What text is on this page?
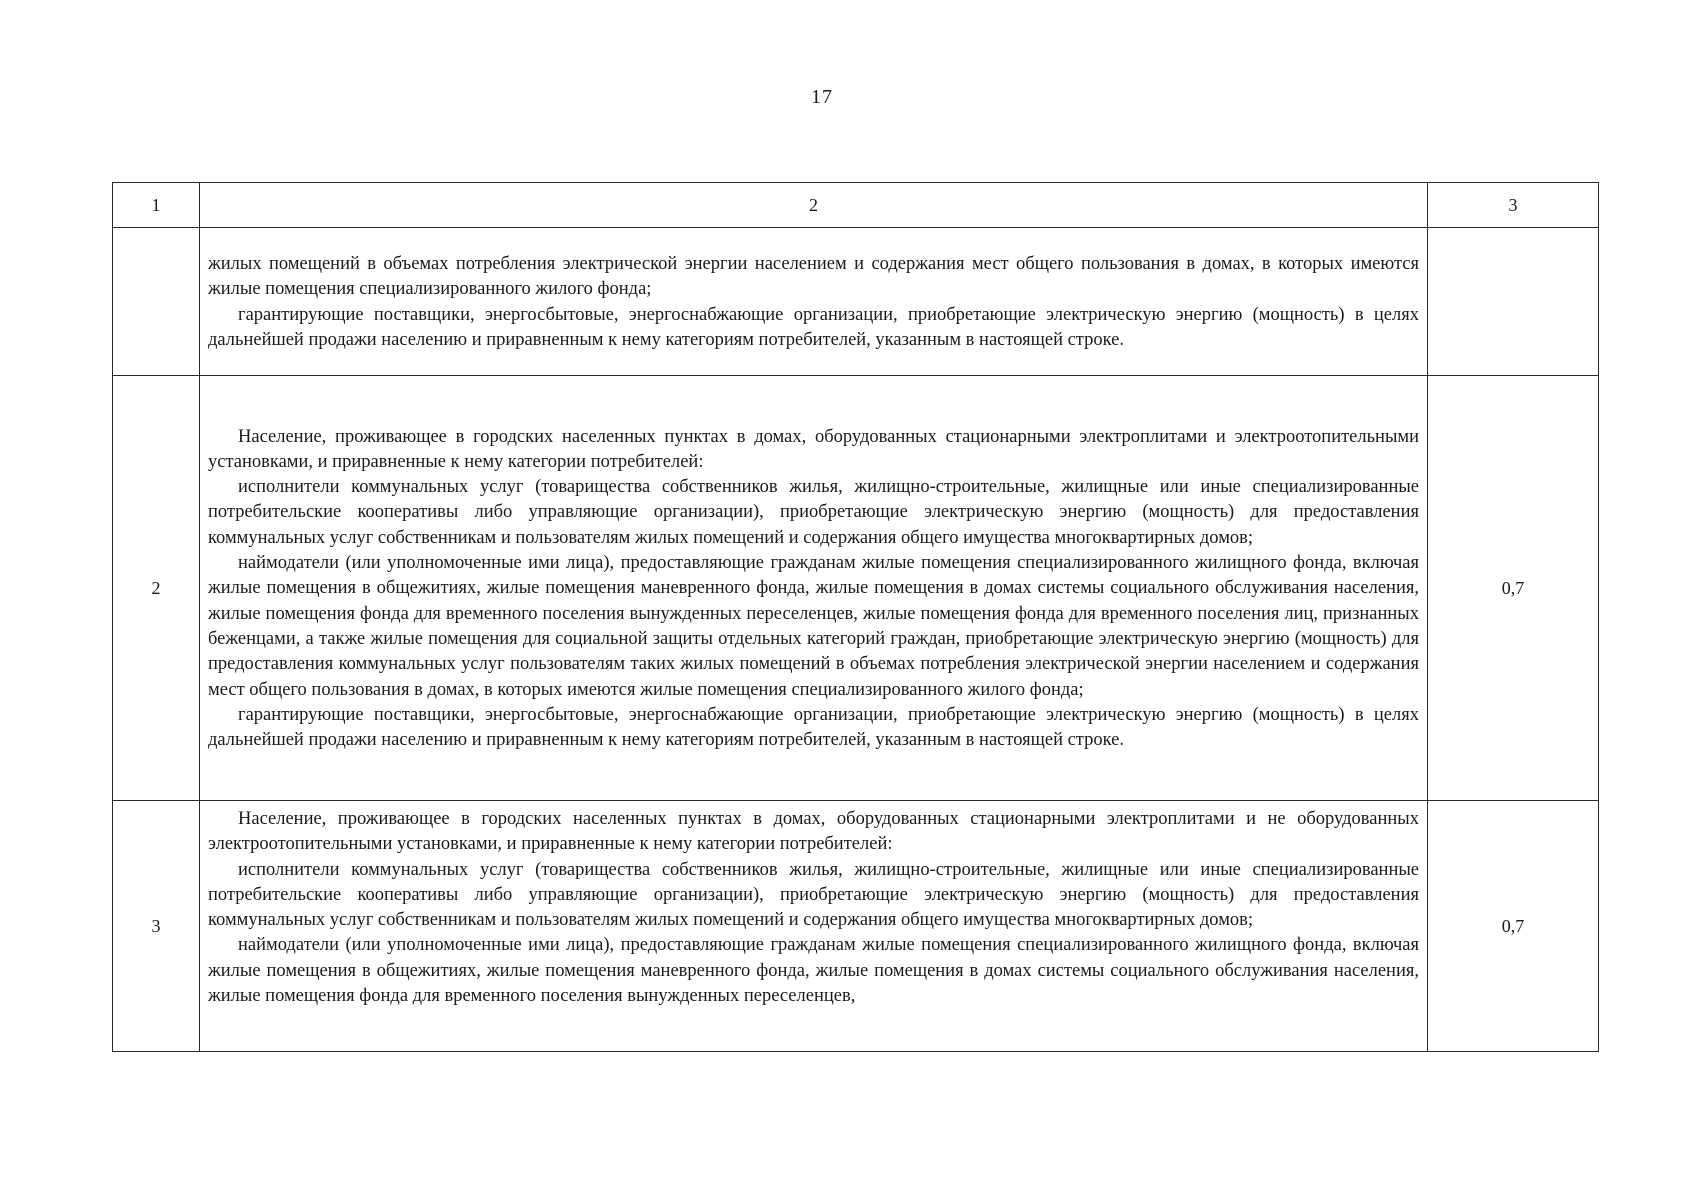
17
1	2	3

	жилых помещений в объемах потребления электрической энергии населением и содержания мест общего пользования в домах, в которых имеются жилые помещения специализированного жилого фонда;

гарантирующие поставщики, энергосбытовые, энергоснабжающие организации, приобретающие электрическую энергию (мощность) в целях дальнейшей продажи населению и приравненным к нему категориям потребителей, указанным в настоящей строке.	

2	Население, проживающее в городских населенных пунктах в домах, оборудованных стационарными электроплитами и электроотопительными установками, и приравненные к нему категории потребителей:

исполнители коммунальных услуг (товарищества собственников жилья, жилищно-строительные, жилищные или иные специализированные потребительские кооперативы либо управляющие организации), приобретающие электрическую энергию (мощность) для предоставления коммунальных услуг собственникам и пользователям жилых помещений и содержания общего имущества многоквартирных домов;

наймодатели (или уполномоченные ими лица), предоставляющие гражданам жилые помещения специализированного жилищного фонда, включая жилые помещения в общежитиях, жилые помещения маневренного фонда, жилые помещения в домах системы социального обслуживания населения, жилые помещения фонда для временного поселения вынужденных переселенцев, жилые помещения фонда для временного поселения лиц, признанных беженцами, а также жилые помещения для социальной защиты отдельных категорий граждан, приобретающие электрическую энергию (мощность) для предоставления коммунальных услуг пользователям таких жилых помещений в объемах потребления электрической энергии населением и содержания мест общего пользования в домах, в которых имеются жилые помещения специализированного жилого фонда;

гарантирующие поставщики, энергосбытовые, энергоснабжающие организации, приобретающие электрическую энергию (мощность) в целях дальнейшей продажи населению и приравненным к нему категориям потребителей, указанным в настоящей строке.	0,7
3	Население, проживающее в городских населенных пунктах в домах, оборудованных стационарными электроплитами и не оборудованных электроотопительными установками, и приравненные к нему категории потребителей:

исполнители коммунальных услуг (товарищества собственников жилья, жилищно-строительные, жилищные или иные специализированные потребительские кооперативы либо управляющие организации), приобретающие электрическую энергию (мощность) для предоставления коммунальных услуг собственникам и пользователям жилых помещений и содержания общего имущества многоквартирных домов;

наймодатели (или уполномоченные ими лица), предоставляющие гражданам жилые помещения специализированного жилищного фонда, включая жилые помещения в общежитиях, жилые помещения маневренного фонда, жилые помещения в домах системы социального обслуживания населения, жилые помещения фонда для временного поселения вынужденных переселенцев,	0,7
